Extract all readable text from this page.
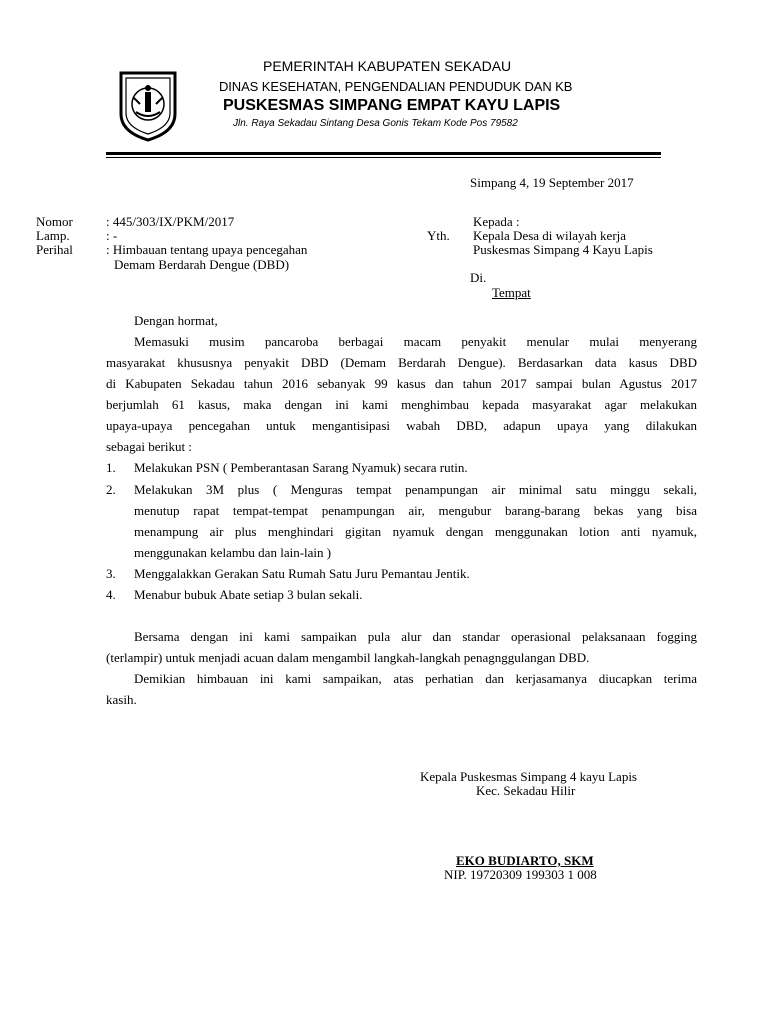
PEMERINTAH KABUPATEN SEKADAU
DINAS KESEHATAN, PENGENDALIAN PENDUDUK DAN KB
PUSKESMAS SIMPANG EMPAT KAYU LAPIS
Jln. Raya Sekadau Sintang Desa Gonis Tekam Kode Pos 79582
Simpang 4, 19 September 2017
Nomor	: 445/303/IX/PKM/2017
Lamp.	: -
Perihal	: Himbauan tentang upaya pencegahan
Demam Berdarah Dengue (DBD)
Kepada :
Yth. Kepala Desa di wilayah kerja
Puskesmas Simpang 4 Kayu Lapis
Di.
Tempat
Dengan hormat,
Memasuki musim pancaroba berbagai macam penyakit menular mulai menyerang
masyarakat khususnya penyakit DBD (Demam Berdarah Dengue). Berdasarkan data kasus DBD
di Kabupaten Sekadau tahun 2016 sebanyak 99 kasus dan tahun 2017 sampai bulan Agustus 2017
berjumlah 61 kasus, maka dengan ini kami menghimbau kepada masyarakat agar melakukan
upaya-upaya pencegahan untuk mengantisipasi wabah DBD, adapun upaya yang dilakukan
sebagai berikut :
1. Melakukan PSN ( Pemberantasan Sarang Nyamuk) secara rutin.
2. Melakukan 3M plus ( Menguras tempat penampungan air minimal satu minggu sekali,
menutup rapat tempat-tempat penampungan air, mengubur barang-barang bekas yang bisa
menampung air plus menghindari gigitan nyamuk dengan menggunakan lotion anti nyamuk,
menggunakan kelambu dan lain-lain )
3. Menggalakkan Gerakan Satu Rumah Satu Juru Pemantau Jentik.
4. Menabur bubuk Abate setiap 3 bulan sekali.
Bersama dengan ini kami sampaikan pula alur dan standar operasional pelaksanaan fogging
(terlampir) untuk menjadi acuan dalam mengambil langkah-langkah penagnggulangan DBD.
Demikian himbauan ini kami sampaikan, atas perhatian dan kerjasamanya diucapkan terima
kasih.
Kepala Puskesmas Simpang 4 kayu Lapis
Kec. Sekadau Hilir
EKO BUDIARTO, SKM
NIP. 19720309 199303 1 008
